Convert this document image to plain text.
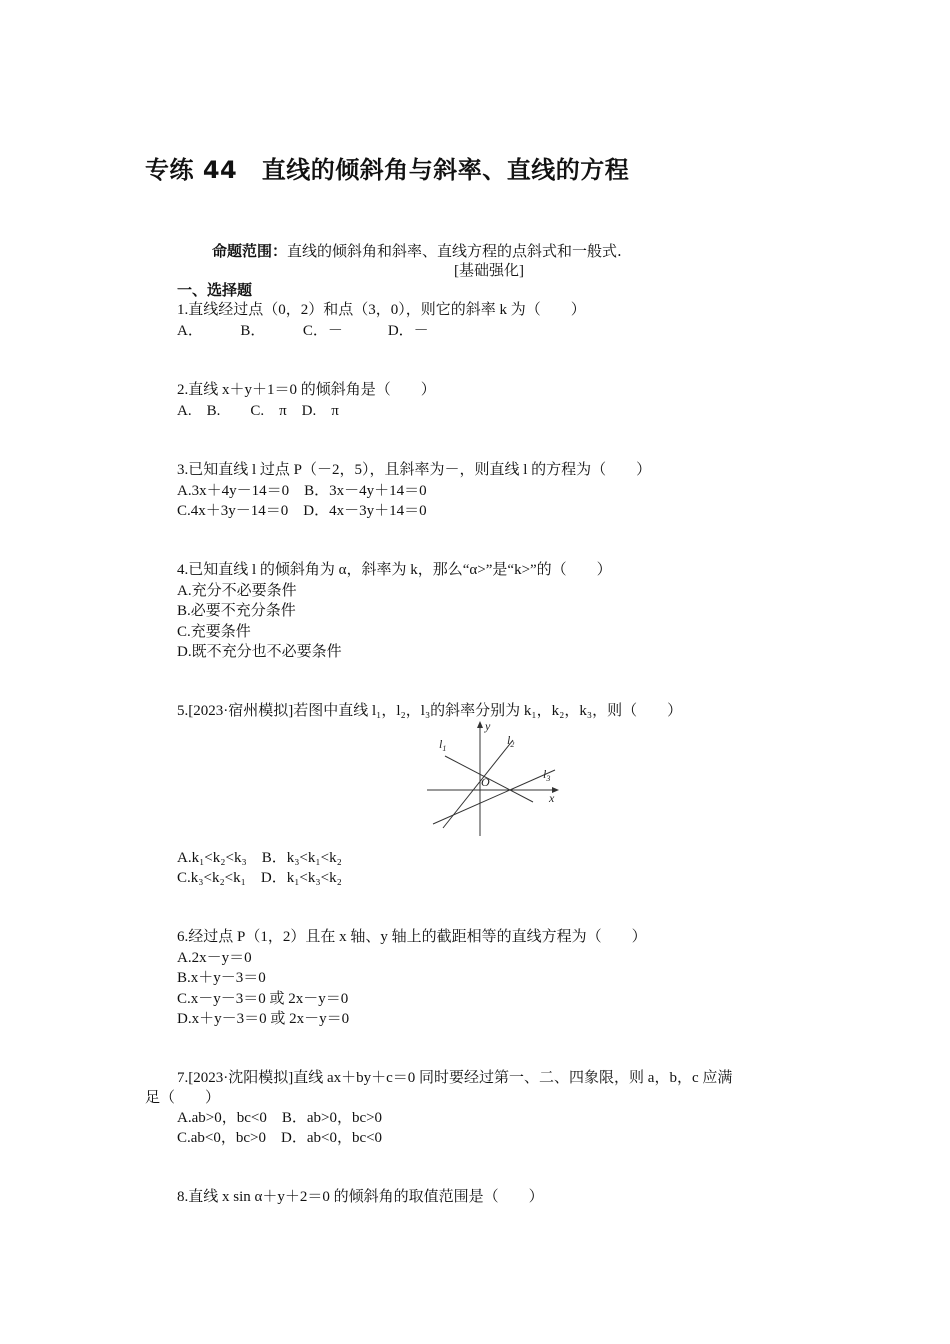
专练 44　直线的倾斜角与斜率、直线的方程
命题范围：直线的倾斜角和斜率、直线方程的点斜式和一般式.
[基础强化]
一、选择题
1.直线经过点（0，2）和点（3，0），则它的斜率 k 为（　　）
A．　　　B．　　　C．－　　　D．－
2.直线 x＋y＋1＝0 的倾斜角是（　　）
A.　B.　　C.　π　D.　π
3.已知直线 l 过点 P（－2，5），且斜率为－，则直线 l 的方程为（　　）
A.3x＋4y－14＝0　B．3x－4y＋14＝0
C.4x＋3y－14＝0　D．4x－3y＋14＝0
4.已知直线 l 的倾斜角为 α，斜率为 k，那么“α>”是“k>”的（　　）
A.充分不必要条件
B.必要不充分条件
C.充要条件
D.既不充分也不必要条件
5.[2023·宿州模拟]若图中直线 l₁，l₂，l₃的斜率分别为 k₁，k₂，k₃，则（　　）
$l_1$
$l_2$
$l_3$
y
x
O
A.k₁<k₂<k₃　B．k₃<k₁<k₂
C.k₃<k₂<k₁　D．k₁<k₃<k₂
6.经过点 P（1，2）且在 x 轴、y 轴上的截距相等的直线方程为（　　）
A.2x－y＝0
B.x＋y－3＝0
C.x－y－3＝0 或 2x－y＝0
D.x＋y－3＝0 或 2x－y＝0
7.[2023·沈阳模拟]直线 ax＋by＋c＝0 同时要经过第一、二、四象限，则 a，b，c 应满
足（　　）
A.ab>0，bc<0　B．ab>0，bc>0
C.ab<0，bc>0　D．ab<0，bc<0
8.直线 x sin α＋y＋2＝0 的倾斜角的取值范围是（　　）
